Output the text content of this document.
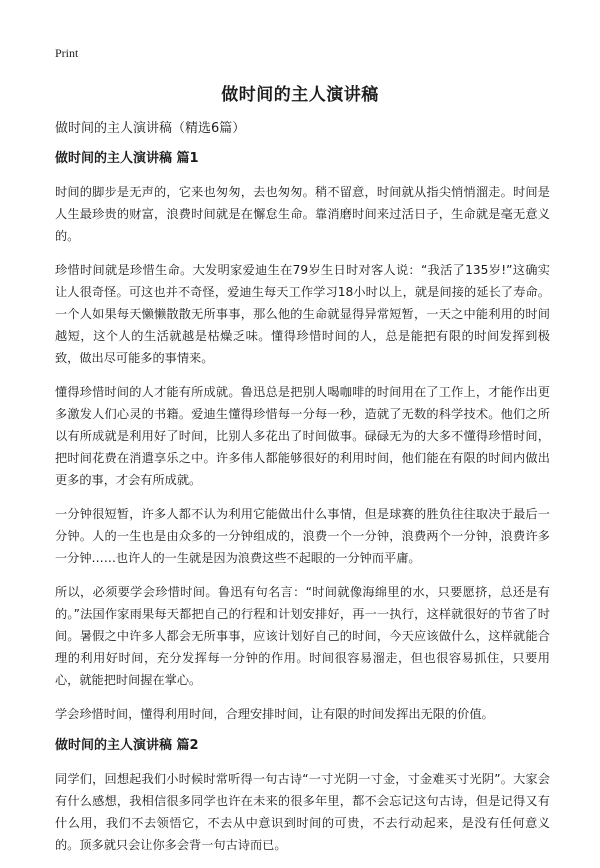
Print
做时间的主人演讲稿

做时间的主人演讲稿（精选6篇）

做时间的主人演讲稿 篇1

时间的脚步是无声的，它来也匆匆，去也匆匆。稍不留意，时间就从指尖悄悄溜走。时间是人生最珍贵的财富，浪费时间就是在懈怠生命。靠消磨时间来过活日子，生命就是毫无意义的。

珍惜时间就是珍惜生命。大发明家爱迪生在79岁生日时对客人说：“我活了135岁!”这确实让人很奇怪。可这也并不奇怪，爱迪生每天工作学习18小时以上，就是间接的延长了寿命。一个人如果每天懒懒散散无所事事，那么他的生命就显得异常短暂，一天之中能利用的时间越短，这个人的生活就越是枯燥乏味。懂得珍惜时间的人，总是能把有限的时间发挥到极致，做出尽可能多的事情来。

懂得珍惜时间的人才能有所成就。鲁迅总是把别人喝咖啡的时间用在了工作上，才能作出更多激发人们心灵的书籍。爱迪生懂得珍惜每一分每一秒，造就了无数的科学技术。他们之所以有所成就是利用好了时间，比别人多花出了时间做事。碌碌无为的大多不懂得珍惜时间，把时间花费在消遣享乐之中。许多伟人都能够很好的利用时间，他们能在有限的时间内做出更多的事，才会有所成就。

一分钟很短暂，许多人都不认为利用它能做出什么事情，但是球赛的胜负往往取决于最后一分钟。人的一生也是由众多的一分钟组成的，浪费一个一分钟，浪费两个一分钟，浪费许多一分钟……也许人的一生就是因为浪费这些不起眼的一分钟而平庸。

所以，必须要学会珍惜时间。鲁迅有句名言：“时间就像海绵里的水，只要愿挤，总还是有的。”法国作家雨果每天都把自己的行程和计划安排好，再一一执行，这样就很好的节省了时间。暑假之中许多人都会无所事事，应该计划好自己的时间，今天应该做什么，这样就能合理的利用好时间，充分发挥每一分钟的作用。时间很容易溜走，但也很容易抓住，只要用心，就能把时间握在掌心。

学会珍惜时间，懂得利用时间，合理安排时间，让有限的时间发挥出无限的价值。

做时间的主人演讲稿 篇2

同学们，回想起我们小时候时常听得一句古诗“一寸光阴一寸金，寸金难买寸光阴”。大家会有什么感想，我相信很多同学也许在未来的很多年里，都不会忘记这句古诗，但是记得又有什么用，我们不去领悟它，不去从中意识到时间的可贵，不去行动起来，是没有任何意义的。顶多就只会让你多会背一句古诗而已。
